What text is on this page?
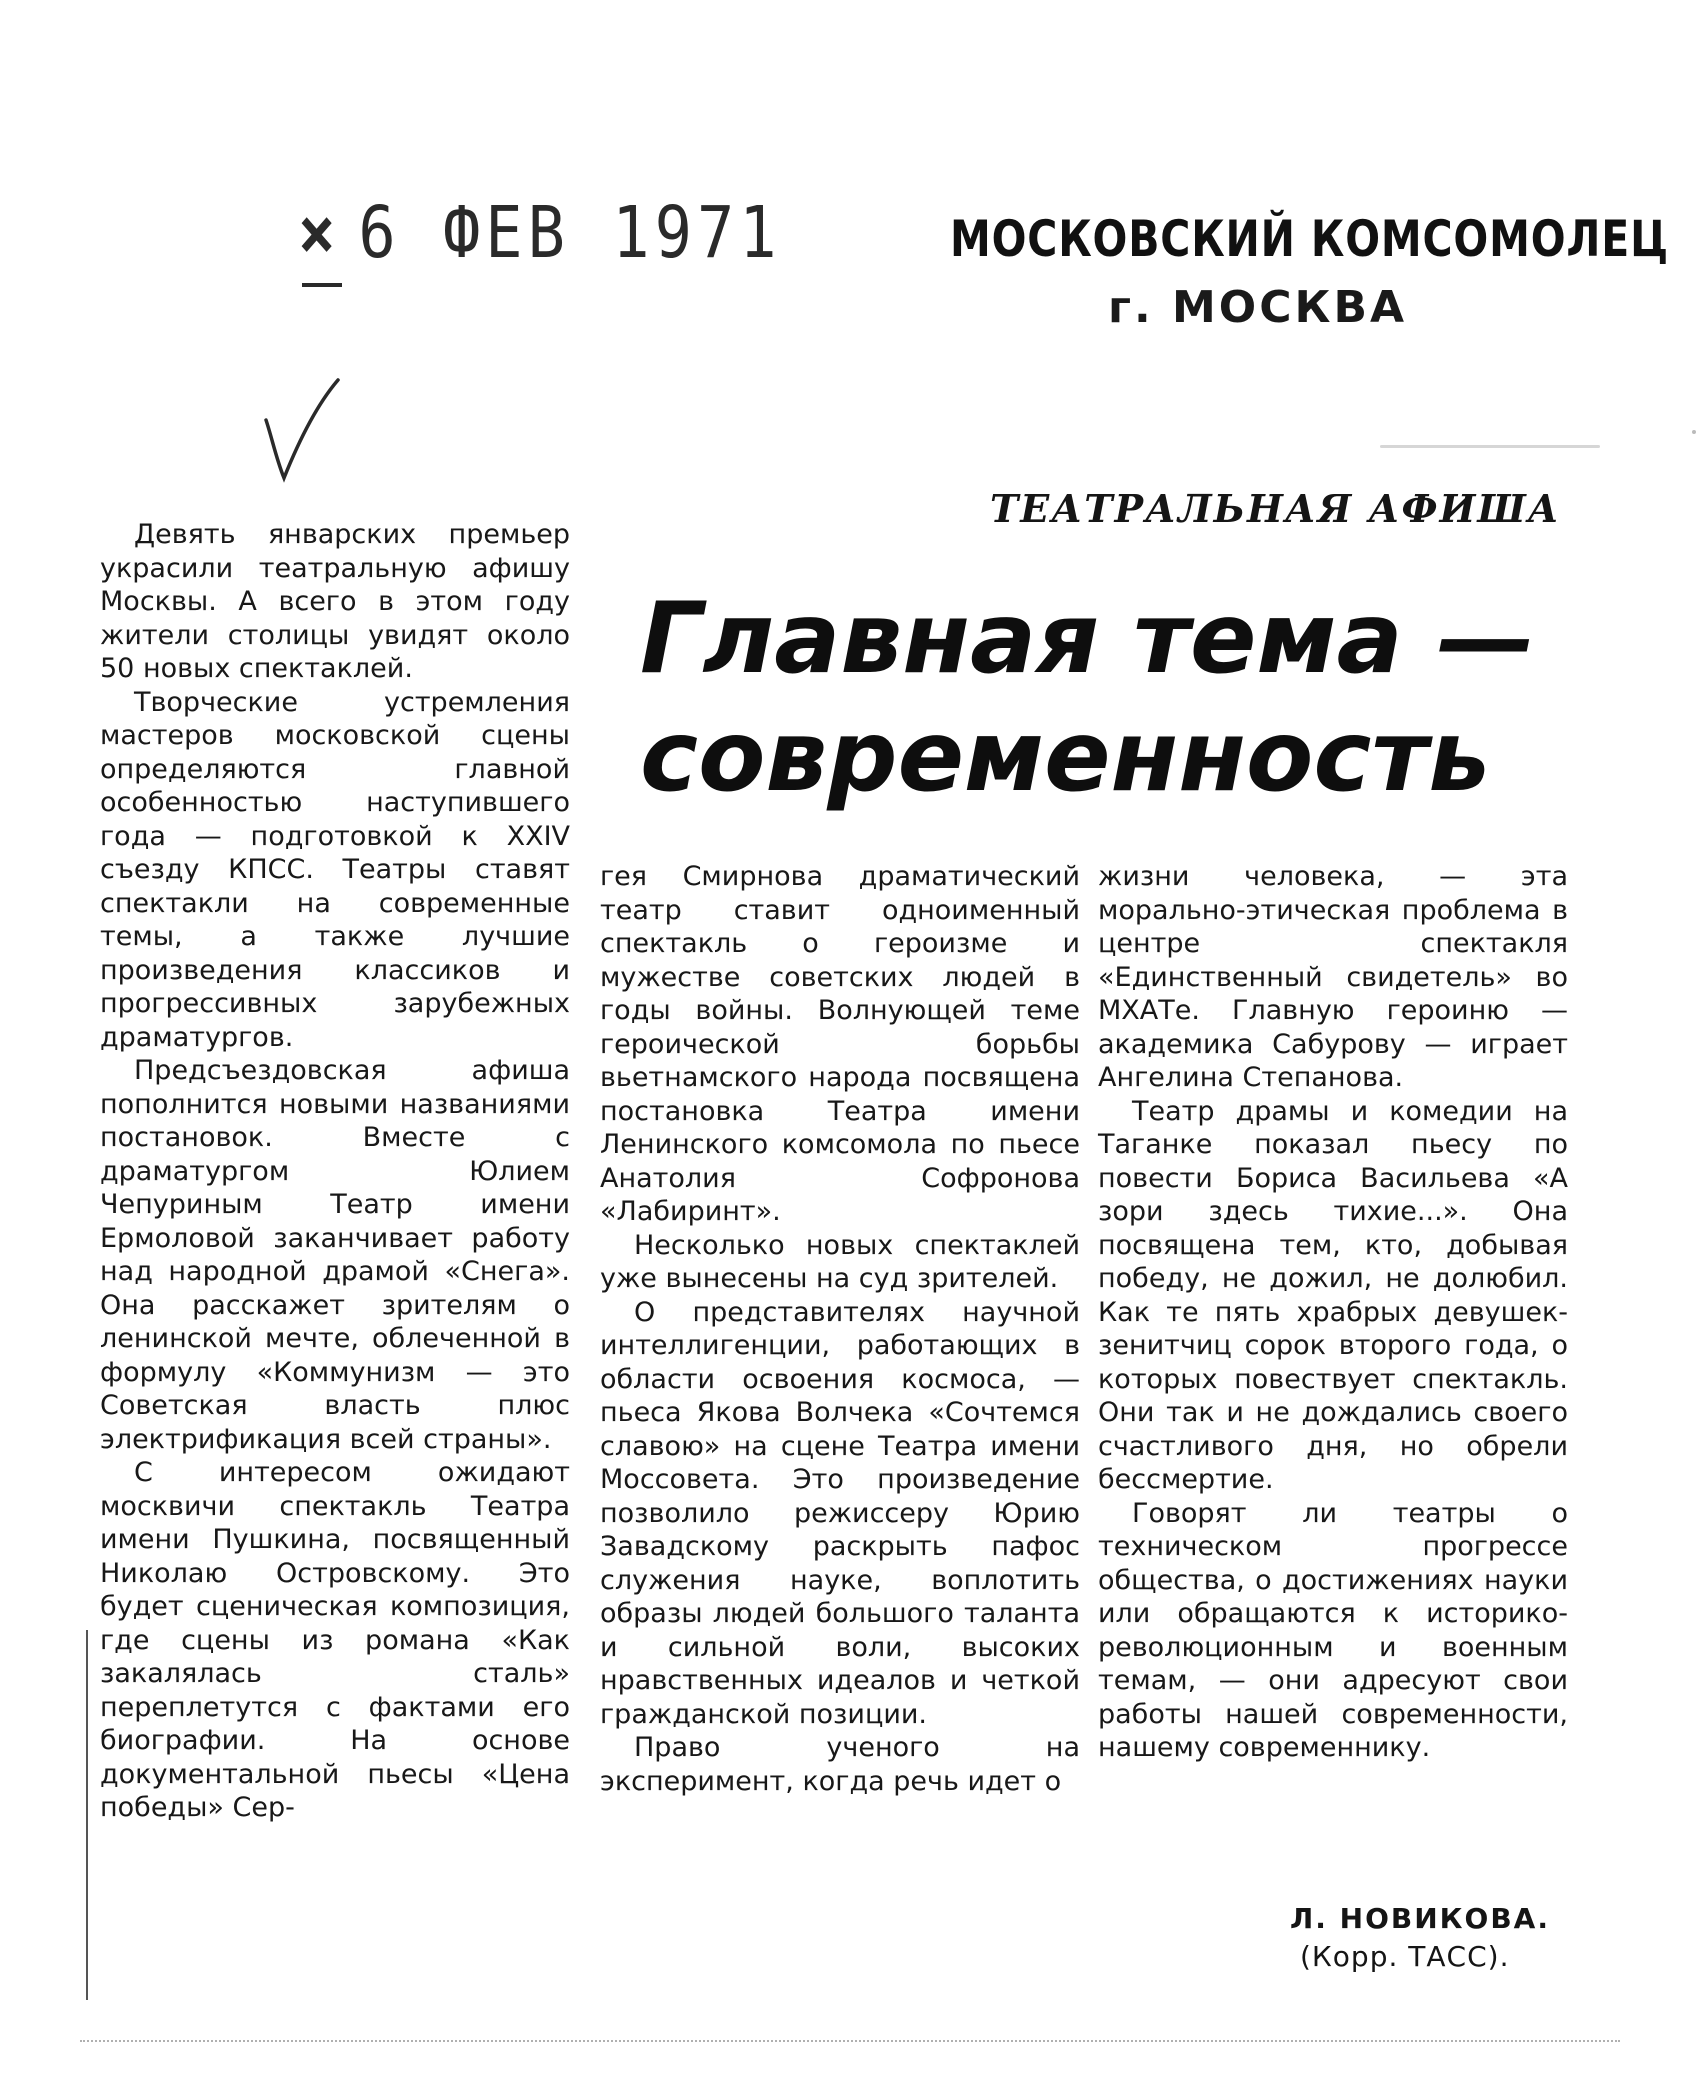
× 6 ФЕВ 1971	МОСКОВСКИЙ КОМСОМОЛЕЦ
г. МОСКВА
ТЕАТРАЛЬНАЯ АФИША
Главная тема —
современность

Девять январских премьер украсили театральную афишу Москвы. А всего в этом году жители столицы увидят около 50 новых спектаклей.

Творческие устремления мастеров московской сцены определяются главной особенностью наступившего года — подготовкой к XXIV съезду КПСС. Театры ставят спектакли на современные темы, а также лучшие произведения классиков и прогрессивных зарубежных драматургов.

Предсъездовская афиша пополнится новыми названиями постановок. Вместе с драматургом Юлием Чепуриным Театр имени Ермоловой заканчивает работу над народной драмой «Снега». Она расскажет зрителям о ленинской мечте, облеченной в формулу «Коммунизм — это Советская власть плюс электрификация всей страны».

С интересом ожидают москвичи спектакль Театра имени Пушкина, посвященный Николаю Островскому. Это будет сценическая композиция, где сцены из романа «Как закалялась сталь» переплетутся с фактами его биографии. На основе документальной пьесы «Цена победы» Сер-

гея Смирнова драматический театр ставит одноименный спектакль о героизме и мужестве советских людей в годы войны. Волнующей теме героической борьбы вьетнамского народа посвящена постановка Театра имени Ленинского комсомола по пьесе Анатолия Софронова «Лабиринт».

Несколько новых спектаклей уже вынесены на суд зрителей.

О представителях научной интеллигенции, работающих в области освоения космоса, — пьеса Якова Волчека «Сочтемся славою» на сцене Театра имени Моссовета. Это произведение позволило режиссеру Юрию Завадскому раскрыть пафос служения науке, воплотить образы людей большого таланта и сильной воли, высоких нравственных идеалов и четкой гражданской позиции.

Право ученого на эксперимент, когда речь идет о

жизни человека, — эта морально-этическая проблема в центре спектакля «Единственный свидетель» во МХАТе. Главную героиню — академика Сабурову — играет Ангелина Степанова.

Театр драмы и комедии на Таганке показал пьесу по повести Бориса Васильева «А зори здесь тихие...». Она посвящена тем, кто, добывая победу, не дожил, не долюбил. Как те пять храбрых девушек-зенитчиц сорок второго года, о которых повествует спектакль. Они так и не дождались своего счастливого дня, но обрели бессмертие.

Говорят ли театры о техническом прогрессе общества, о достижениях науки или обращаются к историко-революционным и военным темам, — они адресуют свои работы нашей современности, нашему современнику.

Л. НОВИКОВА.
(Корр. ТАСС).
